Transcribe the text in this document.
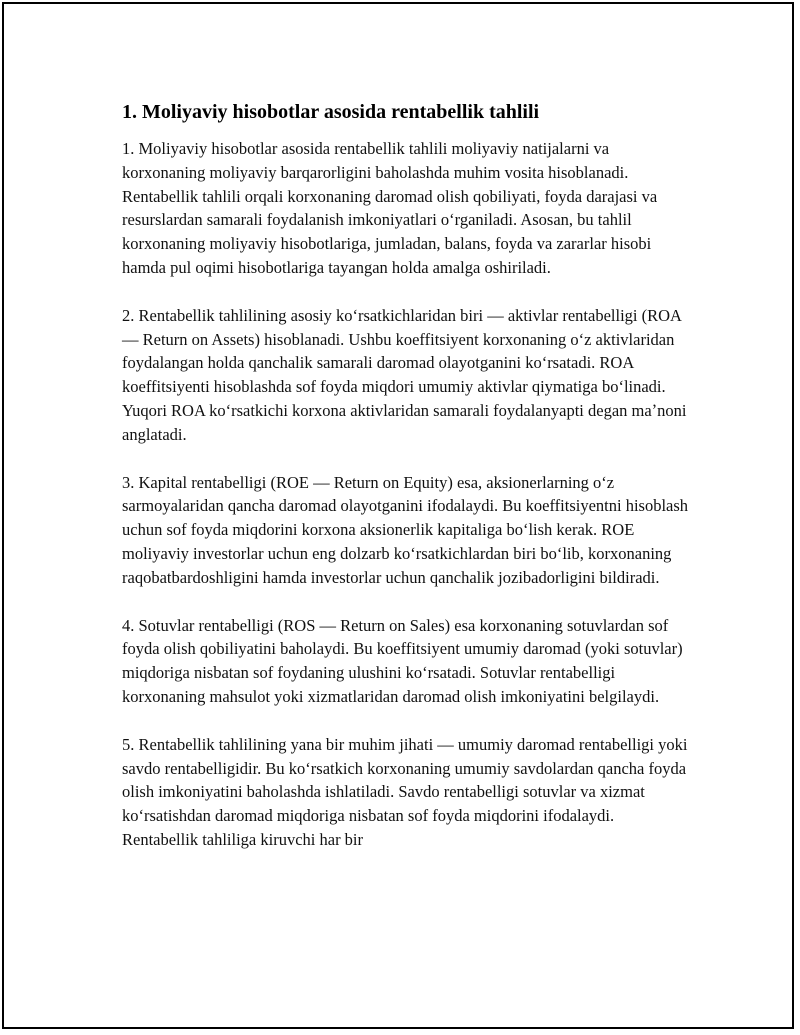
1. Moliyaviy hisobotlar asosida rentabellik tahlili

1. Moliyaviy hisobotlar asosida rentabellik tahlili moliyaviy natijalarni va korxonaning moliyaviy barqarorligini baholashda muhim vosita hisoblanadi. Rentabellik tahlili orqali korxonaning daromad olish qobiliyati, foyda darajasi va resurslardan samarali foydalanish imkoniyatlari oʻrganiladi. Asosan, bu tahlil korxonaning moliyaviy hisobotlariga, jumladan, balans, foyda va zararlar hisobi hamda pul oqimi hisobotlariga tayangan holda amalga oshiriladi.

2. Rentabellik tahlilining asosiy koʻrsatkichlaridan biri — aktivlar rentabelligi (ROA — Return on Assets) hisoblanadi. Ushbu koeffitsiyent korxonaning oʻz aktivlaridan foydalangan holda qanchalik samarali daromad olayotganini koʻrsatadi. ROA koeffitsiyenti hisoblashda sof foyda miqdori umumiy aktivlar qiymatiga boʻlinadi. Yuqori ROA koʻrsatkichi korxona aktivlaridan samarali foydalanyapti degan maʼnoni anglatadi.

3. Kapital rentabelligi (ROE — Return on Equity) esa, aksionerlarning oʻz sarmoyalaridan qancha daromad olayotganini ifodalaydi. Bu koeffitsiyentni hisoblash uchun sof foyda miqdorini korxona aksionerlik kapitaliga boʻlish kerak. ROE moliyaviy investorlar uchun eng dolzarb koʻrsatkichlardan biri boʻlib, korxonaning raqobatbardoshligini hamda investorlar uchun qanchalik jozibadorligini bildiradi.

4. Sotuvlar rentabelligi (ROS — Return on Sales) esa korxonaning sotuvlardan sof foyda olish qobiliyatini baholaydi. Bu koeffitsiyent umumiy daromad (yoki sotuvlar) miqdoriga nisbatan sof foydaning ulushini koʻrsatadi. Sotuvlar rentabelligi korxonaning mahsulot yoki xizmatlaridan daromad olish imkoniyatini belgilaydi.

5. Rentabellik tahlilining yana bir muhim jihati — umumiy daromad rentabelligi yoki savdo rentabelligidir. Bu koʻrsatkich korxonaning umumiy savdolardan qancha foyda olish imkoniyatini baholashda ishlatiladi. Savdo rentabelligi sotuvlar va xizmat koʻrsatishdan daromad miqdoriga nisbatan sof foyda miqdorini ifodalaydi. Rentabellik tahliliga kiruvchi har bir
